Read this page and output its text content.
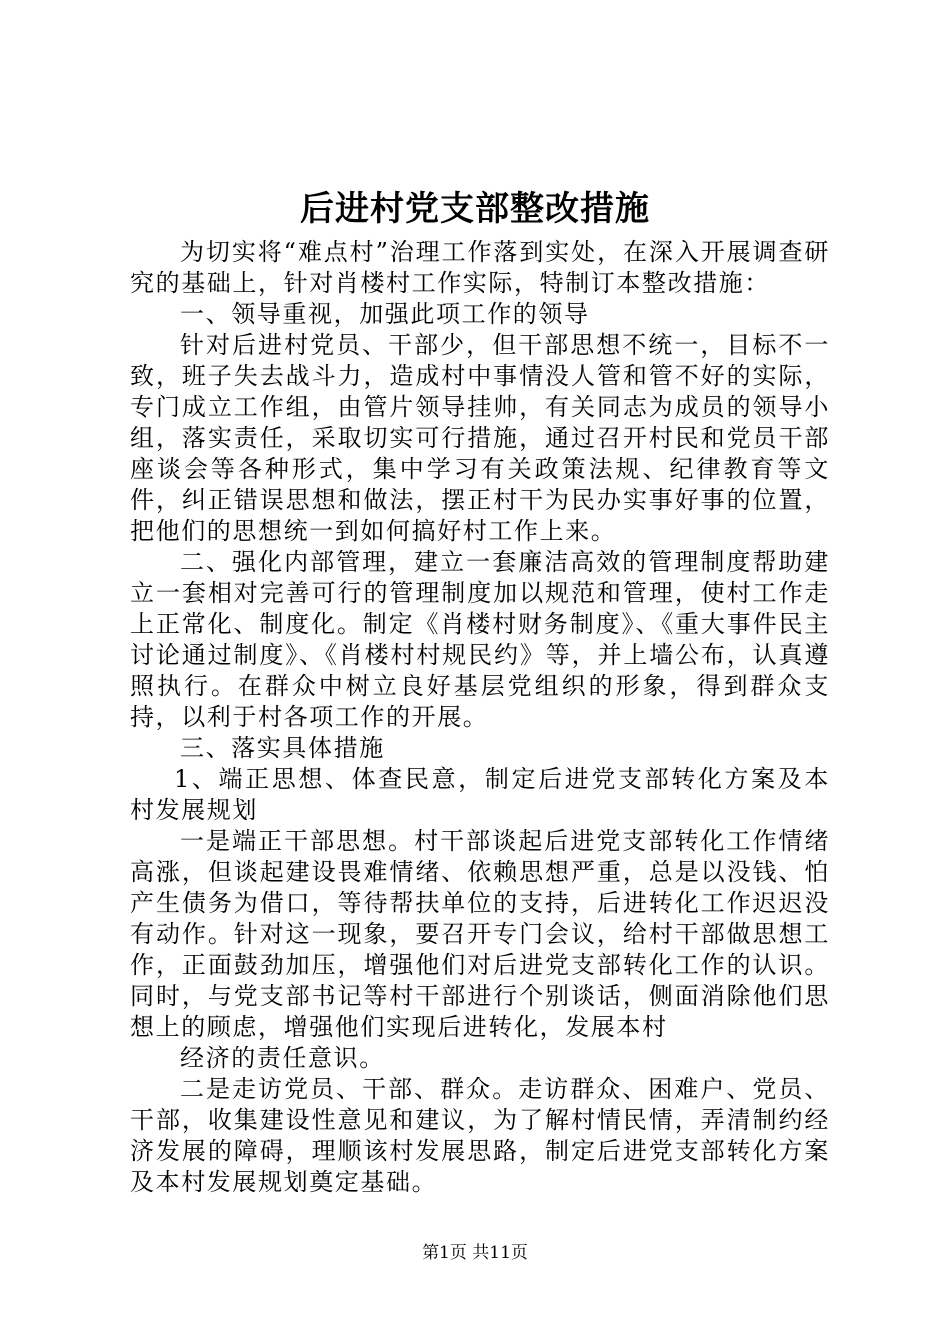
后进村党支部整改措施

为切实将“难点村”治理工作落到实处，在深入开展调查研究的基础上，针对肖楼村工作实际，特制订本整改措施：

一、领导重视，加强此项工作的领导

针对后进村党员、干部少，但干部思想不统一，目标不一致，班子失去战斗力，造成村中事情没人管和管不好的实际，专门成立工作组，由管片领导挂帅，有关同志为成员的领导小组，落实责任，采取切实可行措施，通过召开村民和党员干部座谈会等各种形式，集中学习有关政策法规、纪律教育等文件，纠正错误思想和做法，摆正村干为民办实事好事的位置，把他们的思想统一到如何搞好村工作上来。

二、强化内部管理，建立一套廉洁高效的管理制度帮助建立一套相对完善可行的管理制度加以规范和管理，使村工作走上正常化、制度化。制定《肖楼村财务制度》、《重大事件民主讨论通过制度》、《肖楼村村规民约》等，并上墙公布，认真遵照执行。在群众中树立良好基层党组织的形象，得到群众支持，以利于村各项工作的开展。

三、落实具体措施

1、端正思想、体查民意，制定后进党支部转化方案及本村发展规划

一是端正干部思想。村干部谈起后进党支部转化工作情绪高涨，但谈起建设畏难情绪、依赖思想严重，总是以没钱、怕产生债务为借口，等待帮扶单位的支持，后进转化工作迟迟没有动作。针对这一现象，要召开专门会议，给村干部做思想工作，正面鼓劲加压，增强他们对后进党支部转化工作的认识。同时，与党支部书记等村干部进行个别谈话，侧面消除他们思想上的顾虑，增强他们实现后进转化，发展本村

经济的责任意识。

二是走访党员、干部、群众。走访群众、困难户、党员、干部，收集建设性意见和建议，为了解村情民情，弄清制约经济发展的障碍，理顺该村发展思路，制定后进党支部转化方案及本村发展规划奠定基础。

第1页 共11页
